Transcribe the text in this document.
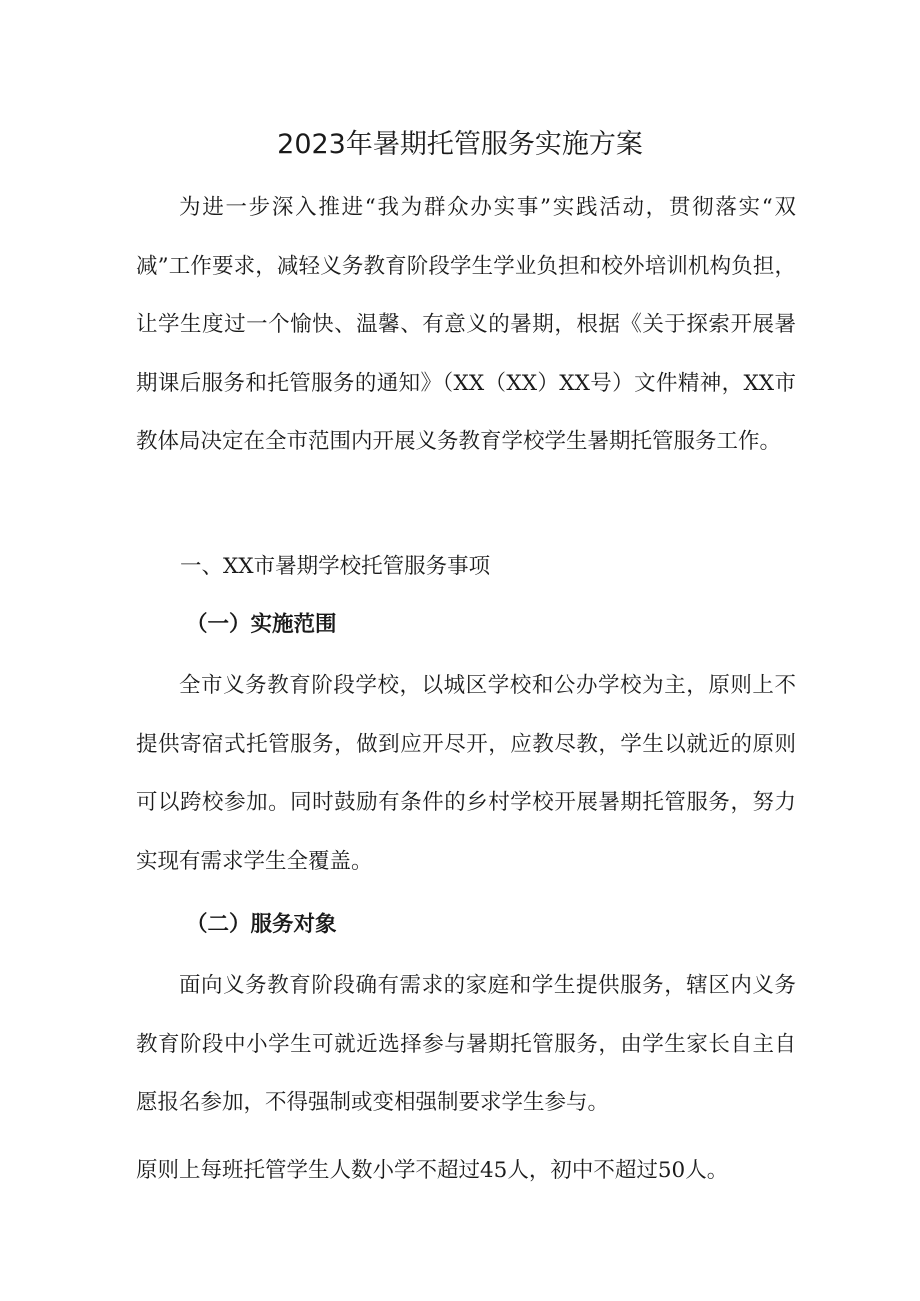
2023年暑期托管服务实施方案

为进一步深入推进“我为群众办实事”实践活动，贯彻落实“双减”工作要求，减轻义务教育阶段学生学业负担和校外培训机构负担，让学生度过一个愉快、温馨、有意义的暑期，根据《关于探索开展暑期课后服务和托管服务的通知》（XX（XX）XX号）文件精神，XX市教体局决定在全市范围内开展义务教育学校学生暑期托管服务工作。

一、XX市暑期学校托管服务事项

（一）实施范围

全市义务教育阶段学校，以城区学校和公办学校为主，原则上不提供寄宿式托管服务，做到应开尽开，应教尽教，学生以就近的原则可以跨校参加。同时鼓励有条件的乡村学校开展暑期托管服务，努力实现有需求学生全覆盖。

（二）服务对象

面向义务教育阶段确有需求的家庭和学生提供服务，辖区内义务教育阶段中小学生可就近选择参与暑期托管服务，由学生家长自主自愿报名参加，不得强制或变相强制要求学生参与。

原则上每班托管学生人数小学不超过45人，初中不超过50人。
